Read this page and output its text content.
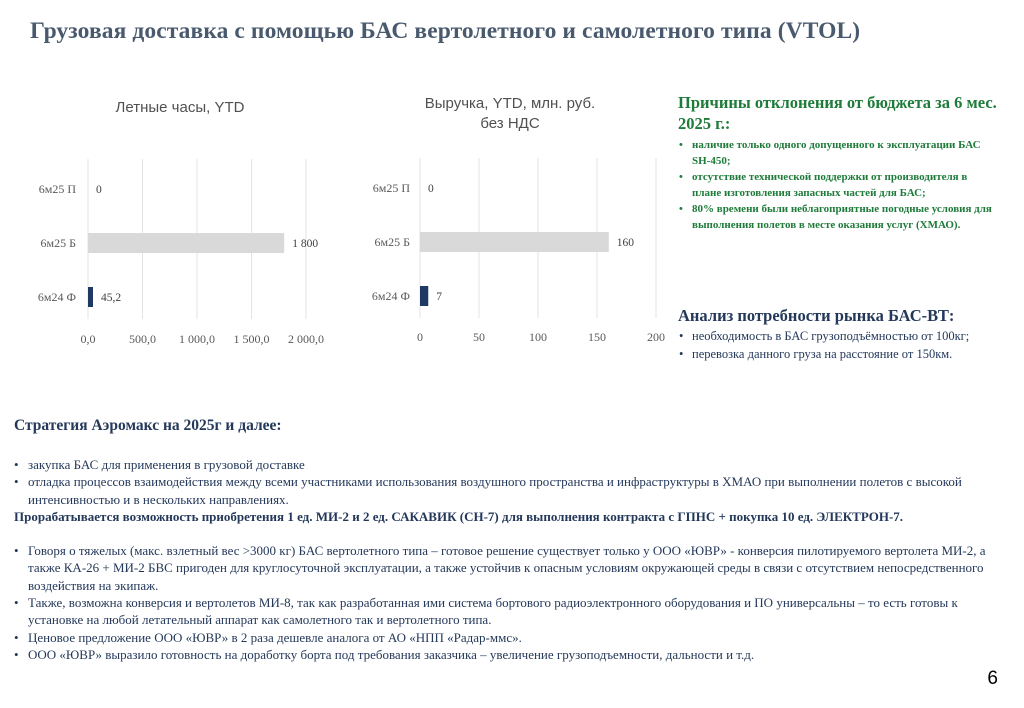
Грузовая доставка с помощью БАС вертолетного и самолетного типа (VTOL)
Летные часы, YTD
0,0	500,0 1 000,0 1 500,0 2 000,0
6м25 П 0
6м25 Б	1 800
6м24 Ф 45,2
Выручка, YTD, млн. руб.
без НДС
0	50	100	150	200
6м25 П 0
6м25 Б	160
6м24 Ф 7
Причины отклонения от бюджета за 6 мес. 2025 г.:
• наличие только одного допущенного к эксплуатации БАС SH-450;
• отсутствие технической поддержки от производителя в плане изготовления запасных частей для БАС;
• 80% времени были неблагоприятные погодные условия для выполнения полетов в месте оказания услуг (ХМАО).
Анализ потребности рынка БАС-ВТ:
• необходимость в БАС грузоподъёмностью от 100кг;
• перевозка данного груза на расстояние от 150км.
Стратегия Аэромакс на 2025г и далее:
• закупка БАС для применения в грузовой доставке
• отладка процессов взаимодействия между всеми участниками использования воздушного пространства и инфраструктуры в ХМАО при выполнении полетов с высокой интенсивностью и в нескольких направлениях.
Прорабатывается возможность приобретения 1 ед. МИ-2 и 2 ед. САКАВИК (CH-7) для выполнения контракта с ГПНС + покупка 10 ед. ЭЛЕКТРОН-7.
• Говоря о тяжелых (макс. взлетный вес >3000 кг) БАС вертолетного типа – готовое решение существует только у ООО «ЮВР» - конверсия пилотируемого вертолета МИ-2, а также КА-26 + МИ-2 БВС пригоден для круглосуточной эксплуатации, а также устойчив к опасным условиям окружающей среды в связи с отсутствием непосредственного воздействия на экипаж.
• Также, возможна конверсия и вертолетов МИ-8, так как разработанная ими система бортового радиоэлектронного оборудования и ПО универсальны – то есть готовы к установке на любой летательный аппарат как самолетного так и вертолетного типа.
• Ценовое предложение ООО «ЮВР» в 2 раза дешевле аналога от АО «НПП «Радар-ммс».
• ООО «ЮВР» выразило готовность на доработку борта под требования заказчика – увеличение грузоподъемности, дальности и т.д.
6
